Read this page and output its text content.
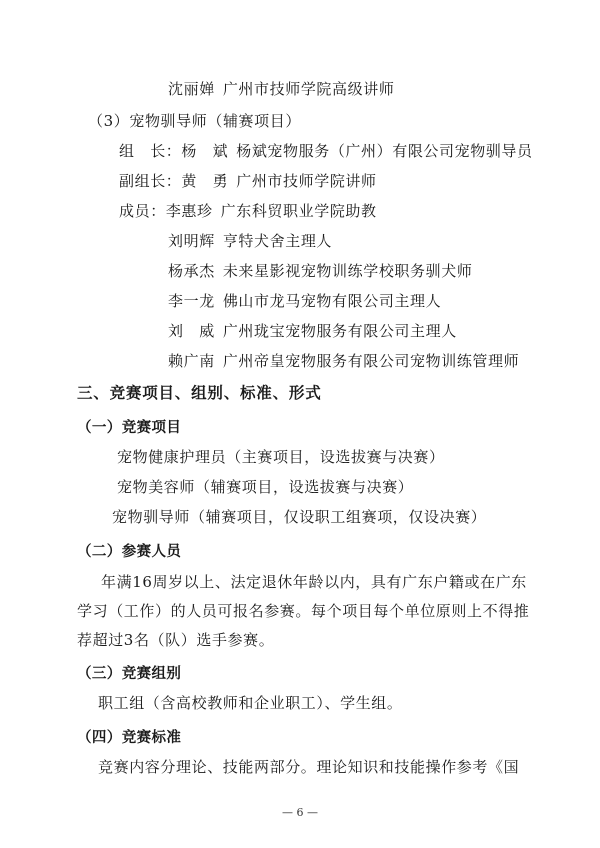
沈丽婵 广州市技师学院高级讲师
（3）宠物驯导师（辅赛项目）
组　长：杨　斌 杨斌宠物服务（广州）有限公司宠物驯导员
副组长：黄　勇 广州市技师学院讲师
成员：李惠珍 广东科贸职业学院助教
刘明辉 亨特犬舍主理人
杨承杰 未来星影视宠物训练学校职务驯犬师
李一龙 佛山市龙马宠物有限公司主理人
刘　威 广州珑宝宠物服务有限公司主理人
赖广南 广州帝皇宠物服务有限公司宠物训练管理师
三、竞赛项目、组别、标准、形式
（一）竞赛项目
宠物健康护理员（主赛项目，设选拔赛与决赛）
宠物美容师（辅赛项目，设选拔赛与决赛）
宠物驯导师（辅赛项目，仅设职工组赛项，仅设决赛）
（二）参赛人员
年满16周岁以上、法定退休年龄以内，具有广东户籍或在广东
学习（工作）的人员可报名参赛。每个项目每个单位原则上不得推
荐超过3名（队）选手参赛。
（三）竞赛组别
职工组（含高校教师和企业职工）、学生组。
（四）竞赛标准
竞赛内容分理论、技能两部分。理论知识和技能操作参考《国
— 6 —
